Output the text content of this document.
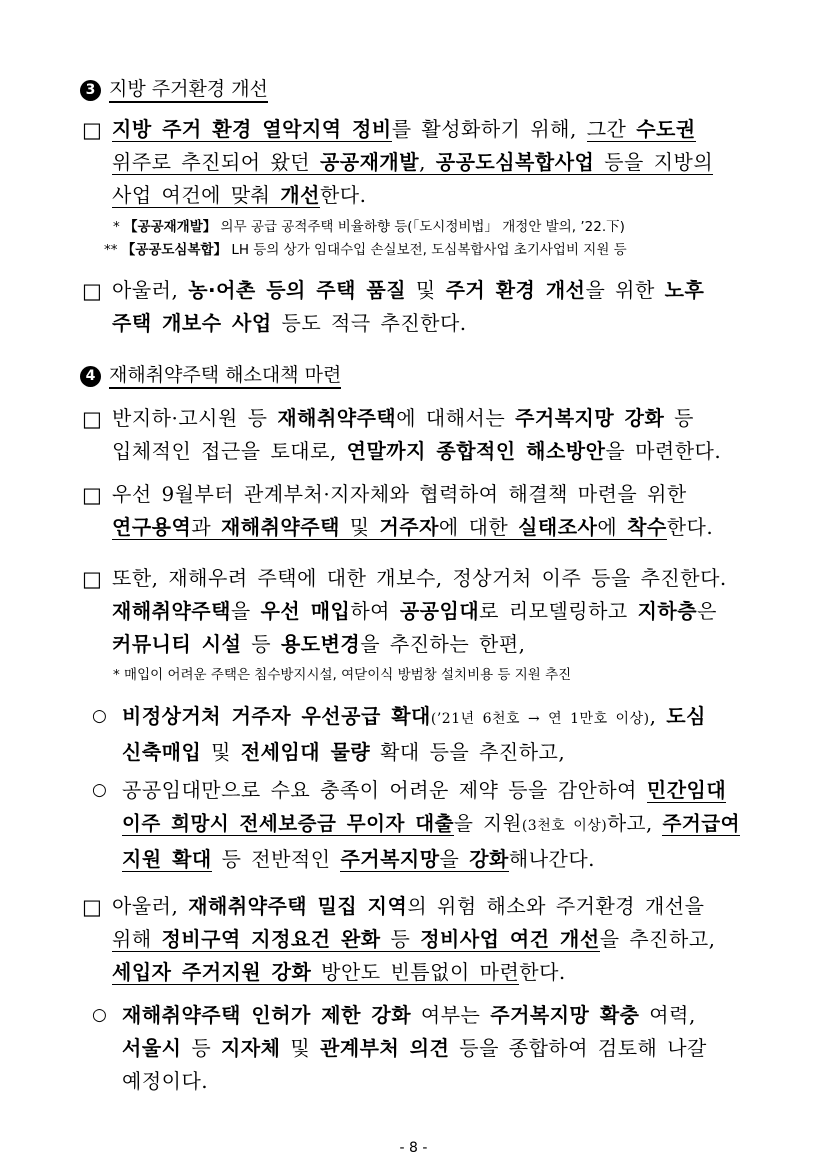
3 지방 주거환경 개선
□ 지방 주거 환경 열악지역 정비를 활성화하기 위해, 그간 수도권
위주로 추진되어 왔던 공공재개발, 공공도심복합사업 등을 지방의
사업 여건에 맞춰 개선한다.
* 【공공재개발】 의무 공급 공적주택 비율하향 등(「도시정비법」 개정안 발의, ’22.下)
** 【공공도심복합】 LH 등의 상가 임대수입 손실보전, 도심복합사업 초기사업비 지원 등
□ 아울러, 농·어촌 등의 주택 품질 및 주거 환경 개선을 위한 노후
주택 개보수 사업 등도 적극 추진한다.
4 재해취약주택 해소대책 마련
□ 반지하·고시원 등 재해취약주택에 대해서는 주거복지망 강화 등
입체적인 접근을 토대로, 연말까지 종합적인 해소방안을 마련한다.
□ 우선 9월부터 관계부처·지자체와 협력하여 해결책 마련을 위한
연구용역과 재해취약주택 및 거주자에 대한 실태조사에 착수한다.
□ 또한, 재해우려 주택에 대한 개보수, 정상거처 이주 등을 추진한다.
재해취약주택을 우선 매입하여 공공임대로 리모델링하고 지하층은
커뮤니티 시설 등 용도변경을 추진하는 한편,
* 매입이 어려운 주택은 침수방지시설, 여닫이식 방범창 설치비용 등 지원 추진
○ 비정상거처 거주자 우선공급 확대(’21년 6천호 → 연 1만호 이상), 도심
신축매입 및 전세임대 물량 확대 등을 추진하고,
○ 공공임대만으로 수요 충족이 어려운 제약 등을 감안하여 민간임대
이주 희망시 전세보증금 무이자 대출을 지원(3천호 이상)하고, 주거급여
지원 확대 등 전반적인 주거복지망을 강화해나간다.
□ 아울러, 재해취약주택 밀집 지역의 위험 해소와 주거환경 개선을
위해 정비구역 지정요건 완화 등 정비사업 여건 개선을 추진하고,
세입자 주거지원 강화 방안도 빈틈없이 마련한다.
○ 재해취약주택 인허가 제한 강화 여부는 주거복지망 확충 여력,
서울시 등 지자체 및 관계부처 의견 등을 종합하여 검토해 나갈
예정이다.
- 8 -
